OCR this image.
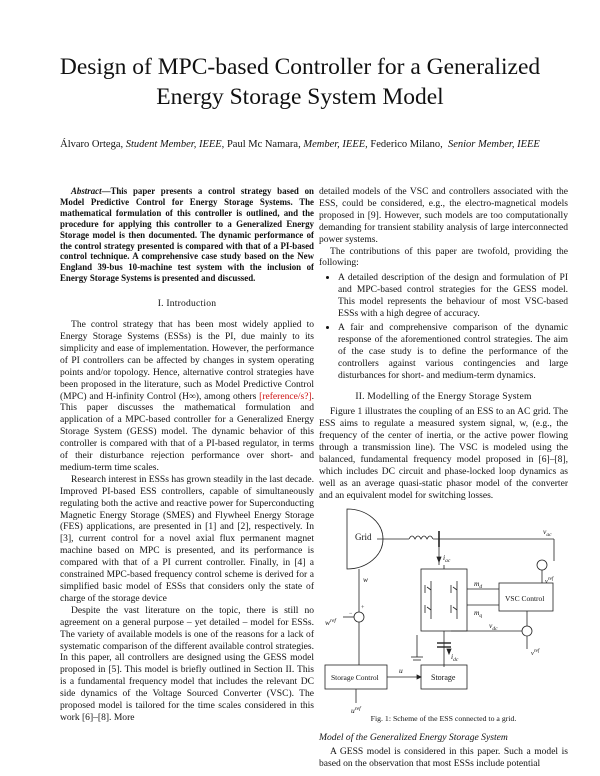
Design of MPC-based Controller for a Generalized
Energy Storage System Model
Álvaro Ortega, Student Member, IEEE, Paul Mc Namara, Member, IEEE, Federico Milano, Senior Member, IEEE
Abstract—This paper presents a control strategy based on Model Predictive Control for Energy Storage Systems. The mathematical formulation of this controller is outlined, and the procedure for applying this controller to a Generalized Energy Storage model is then documented. The dynamic performance of the control strategy presented is compared with that of a PI-based control technique. A comprehensive case study based on the New England 39-bus 10-machine test system with the inclusion of Energy Storage Systems is presented and discussed.
I. Introduction

The control strategy that has been most widely applied to Energy Storage Systems (ESSs) is the PI, due mainly to its simplicity and ease of implementation. However, the performance of PI controllers can be affected by changes in system operating points and/or topology. Hence, alternative control strategies have been proposed in the literature, such as Model Predictive Control (MPC) and H-infinity Control (H∞), among others [reference/s?]. This paper discusses the mathematical formulation and application of a MPC-based controller for a Generalized Energy Storage System (GESS) model. The dynamic behavior of this controller is compared with that of a PI-based regulator, in terms of their disturbance rejection performance over short- and medium-term time scales.

Research interest in ESSs has grown steadily in the last decade. Improved PI-based ESS controllers, capable of simultaneously regulating both the active and reactive power for Superconducting Magnetic Energy Storage (SMES) and Flywheel Energy Storage (FES) applications, are presented in [1] and [2], respectively. In [3], current control for a novel axial flux permanent magnet machine based on MPC is presented, and its performance is compared with that of a PI current controller. Finally, in [4] a constrained MPC-based frequency control scheme is derived for a simplified basic model of ESSs that considers only the state of charge of the storage device

Despite the vast literature on the topic, there is still no agreement on a general purpose – yet detailed – model for ESSs. The variety of available models is one of the reasons for a lack of systematic comparison of the different available control strategies. In this paper, all controllers are designed using the GESS model proposed in [5]. This model is briefly outlined in Section II. This is a fundamental frequency model that includes the relevant DC side dynamics of the Voltage Sourced Converter (VSC). The proposed model is tailored for the time scales considered in this work [6]–[8]. More

detailed models of the VSC and controllers associated with the ESS, could be considered, e.g., the electro-magnetical models proposed in [9]. However, such models are too computationally demanding for transient stability analysis of large interconnected power systems.

The contributions of this paper are twofold, providing the following:

• A detailed description of the design and formulation of PI and MPC-based control strategies for the GESS model. This model represents the behaviour of most VSC-based ESSs with a high degree of accuracy.
• A fair and comprehensive comparison of the dynamic response of the aforementioned control strategies. The aim of the case study is to define the performance of the controllers against various contingencies and large disturbances for short- and medium-term dynamics.
II. Modelling of the Energy Storage System

Figure 1 illustrates the coupling of an ESS to an AC grid. The ESS aims to regulate a measured system signal, w, (e.g., the frequency of the center of inertia, or the active power flowing through a transmission line). The VSC is modeled using the balanced, fundamental frequency model proposed in [6]–[8], which includes DC circuit and phase-locked loop dynamics as well as an average quasi-static phasor model of the converter and an equivalent model for switching losses.

Grid
$i_{ac}$
w
−
+
$w^{ref}$
$m_d$
$m_q$
VSC Control
$v_{ac}$
$v^{ref}$
$i_{dc}$
$v_{dc}$
$v^{ref}$
Storage Control
u
Storage
$u^{ref}$
Fig. 1: Scheme of the ESS connected to a grid.
Model of the Generalized Energy Storage System

A GESS model is considered in this paper. Such a model is based on the observation that most ESSs include potential
